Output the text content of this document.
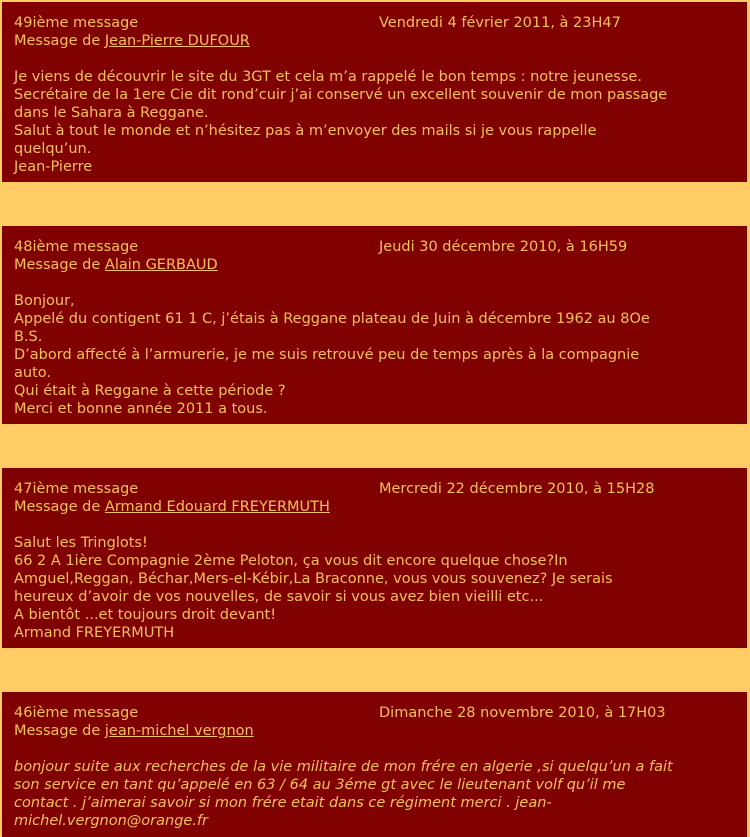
49ième message	Vendredi 4 février 2011, à 23H47
Message de Jean-Pierre DUFOUR
Je viens de découvrir le site du 3GT et cela m’a rappelé le bon temps : notre jeunesse.
Secrétaire de la 1ere Cie dit rond’cuir j’ai conservé un excellent souvenir de mon passage
dans le Sahara à Reggane.
Salut à tout le monde et n’hésitez pas à m’envoyer des mails si je vous rappelle
quelqu’un.
Jean-Pierre
48ième message	Jeudi 30 décembre 2010, à 16H59
Message de Alain GERBAUD
Bonjour,
Appelé du contigent 61 1 C, j’étais à Reggane plateau de Juin à décembre 1962 au 8Oe
B.S.
D’abord affecté à l’armurerie, je me suis retrouvé peu de temps après à la compagnie
auto.
Qui était à Reggane à cette période ?
Merci et bonne année 2011 a tous.
47ième message	Mercredi 22 décembre 2010, à 15H28
Message de Armand Edouard FREYERMUTH
Salut les Tringlots!
66 2 A 1ière Compagnie 2ème Peloton, ça vous dit encore quelque chose?In
Amguel,Reggan, Béchar,Mers-el-Kébir,La Braconne, vous vous souvenez? Je serais
heureux d’avoir de vos nouvelles, de savoir si vous avez bien vieilli etc...
A bientôt ...et toujours droit devant!
Armand FREYERMUTH
46ième message	Dimanche 28 novembre 2010, à 17H03
Message de jean-michel vergnon
bonjour suite aux recherches de la vie militaire de mon frére en algerie ,si quelqu’un a fait
son service en tant qu’appelé en 63 / 64 au 3éme gt avec le lieutenant volf qu’il me
contact . j’aimerai savoir si mon frére etait dans ce régiment merci . jean-
michel.vergnon@orange.fr
